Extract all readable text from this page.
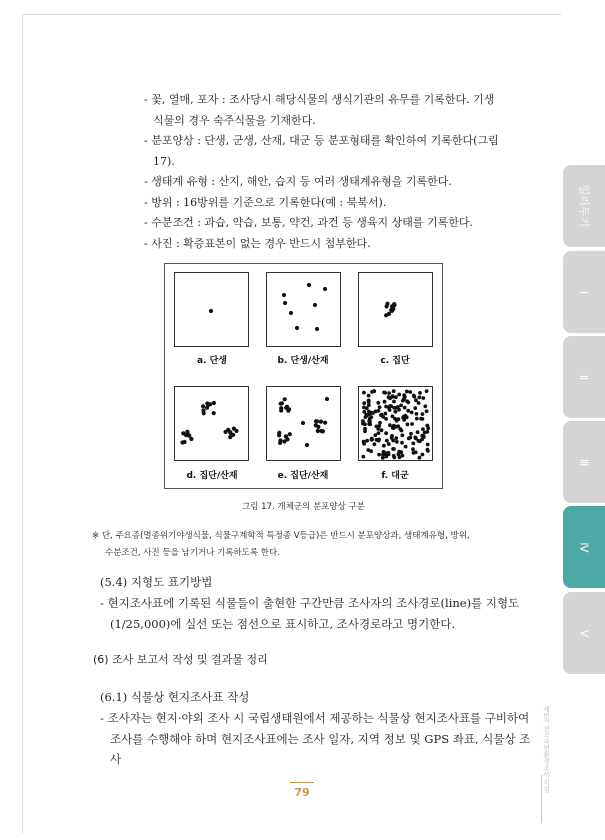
- 꽃, 열매, 포자 : 조사당시 해당식물의 생식기관의 유무를 기록한다. 기생
식물의 경우 숙주식물을 기재한다.

- 분포양상 : 단생, 군생, 산재, 대군 등 분포형태를 확인하여 기록한다(그림
17).

- 생태계 유형 : 산지, 해안, 습지 등 여러 생태계유형을 기록한다.

- 방위 : 16방위를 기준으로 기록한다(예 : 북북서).

- 수분조건 : 과습, 약습, 보통, 약건, 과건 등 생육지 상태를 기록한다.

- 사진 : 확증표본이 없는 경우 반드시 첨부한다.

a. 단생	b. 단생/산재	c. 집단
d. 집단/산재	e. 집단/산재	f. 대군
그림 17. 개체군의 분포양상 구분
※ 단, 주요종(멸종위기야생식물, 식물구계학적 특정종 Ⅴ등급)은 반드시 분포양상과, 생태계유형, 방위,
수분조건, 사진 등을 남기거나 기록하도록 한다.
(5.4) 지형도 표기방법

- 현지조사표에 기록된 식물들이 출현한 구간만큼 조사자의 조사경로(line)를 지형도

(1/25,000)에 실선 또는 점선으로 표시하고, 조사경로라고 명기한다.

(6) 조사 보고서 작성 및 결과물 정리
(6.1) 식물상 현지조사표 작성

- 조사자는 현지·야외 조사 시 국립생태원에서 제공하는 식물상 현지조사표를 구비하여

조사를 수행해야 하며 현지조사표에는 조사 일자, 지역 정보 및 GPS 좌표, 식물상 조사

79
일러두기
Ⅰ
Ⅱ
Ⅲ
Ⅳ
Ⅴ
제5차 전국자연환경조사 지침
